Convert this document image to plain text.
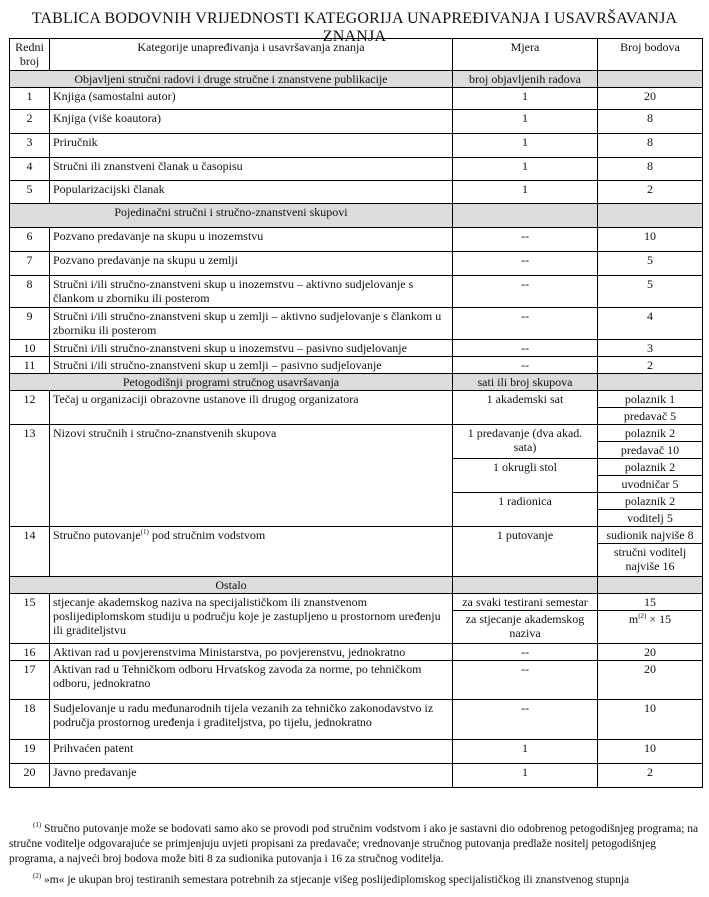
TABLICA BODOVNIH VRIJEDNOSTI KATEGORIJA UNAPREĐIVANJA I USAVRŠAVANJA ZNANJA
Redni broj	Kategorije unapređivanja i usavršavanja znanja	Mjera	Broj bodova
Objavljeni stručni radovi i druge stručne i znanstvene publikacije		broj objavljenih radova	
1	Knjiga (samostalni autor)	1	20
2	Knjiga (više koautora)	1	8
3	Priručnik	1	8
4	Stručni ili znanstveni članak u časopisu	1	8
5	Popularizacijski članak	1	2
Pojedinačni stručni i stručno-znanstveni skupovi			
6	Pozvano predavanje na skupu u inozemstvu	--	10
7	Pozvano predavanje na skupu u zemlji	--	5
8	Stručni i/ili stručno-znanstveni skup u inozemstvu – aktivno sudjelovanje s člankom u zborniku ili posterom	--	5
9	Stručni i/ili stručno-znanstveni skup u zemlji – aktivno sudjelovanje s člankom u zborniku ili posterom	--	4
10	Stručni i/ili stručno-znanstveni skup u inozemstvu – pasivno sudjelovanje	--	3
11	Stručni i/ili stručno-znanstveni skup u zemlji – pasivno sudjelovanje	--	2
Petogodišnji programi stručnog usavršavanja		sati ili broj skupova	
12	Tečaj u organizaciji obrazovne ustanove ili drugog organizatora	1 akademski sat	polaznik 1
			predavač 5
13	Nizovi stručnih i stručno-znanstvenih skupova	1 predavanje (dva akad. sata)	polaznik 2
			predavač 10
		1 okrugli stol	polaznik 2
			uvodničar 5
		1 radionica	polaznik 2
			voditelj 5
14	Stručno putovanje$^{(1)}$ pod stručnim vodstvom	1 putovanje	sudionik najviše 8
			stručni voditelj najviše 16
Ostalo			
15	stjecanje akademskog naziva na specijalističkom ili znanstvenom poslijediplomskom studiju u području koje je zastupljeno u prostornom uređenju ili graditeljstvu	za svaki testirani semestar	15
		za stjecanje akademskog naziva	$m^{(2)} \times 15$
16	Aktivan rad u povjerenstvima Ministarstva, po povjerenstvu, jednokratno	--	20
17	Aktivan rad u Tehničkom odboru Hrvatskog zavoda za norme, po tehničkom odboru, jednokratno	--	20
18	Sudjelovanje u radu međunarodnih tijela vezanih za tehničko zakonodavstvo iz područja prostornog uređenja i graditeljstva, po tijelu, jednokratno	--	10
19	Prihvaćen patent	1	10
20	Javno predavanje	1	2

$^{(1)}$ Stručno putovanje može se bodovati samo ako se provodi pod stručnim vodstvom i ako je sastavni dio odobrenog petogodišnjeg programa; na stručne voditelje odgovarajuće se primjenjuju uvjeti propisani za predavače; vrednovanje stručnog putovanja predlaže nositelj petogodišnjeg programa, a najveći broj bodova može biti 8 za sudionika putovanja i 16 za stručnog voditelja.

$^{(2)}$ »m« je ukupan broj testiranih semestara potrebnih za stjecanje višeg poslijediplomskog specijalističkog ili znanstvenog stupnja
